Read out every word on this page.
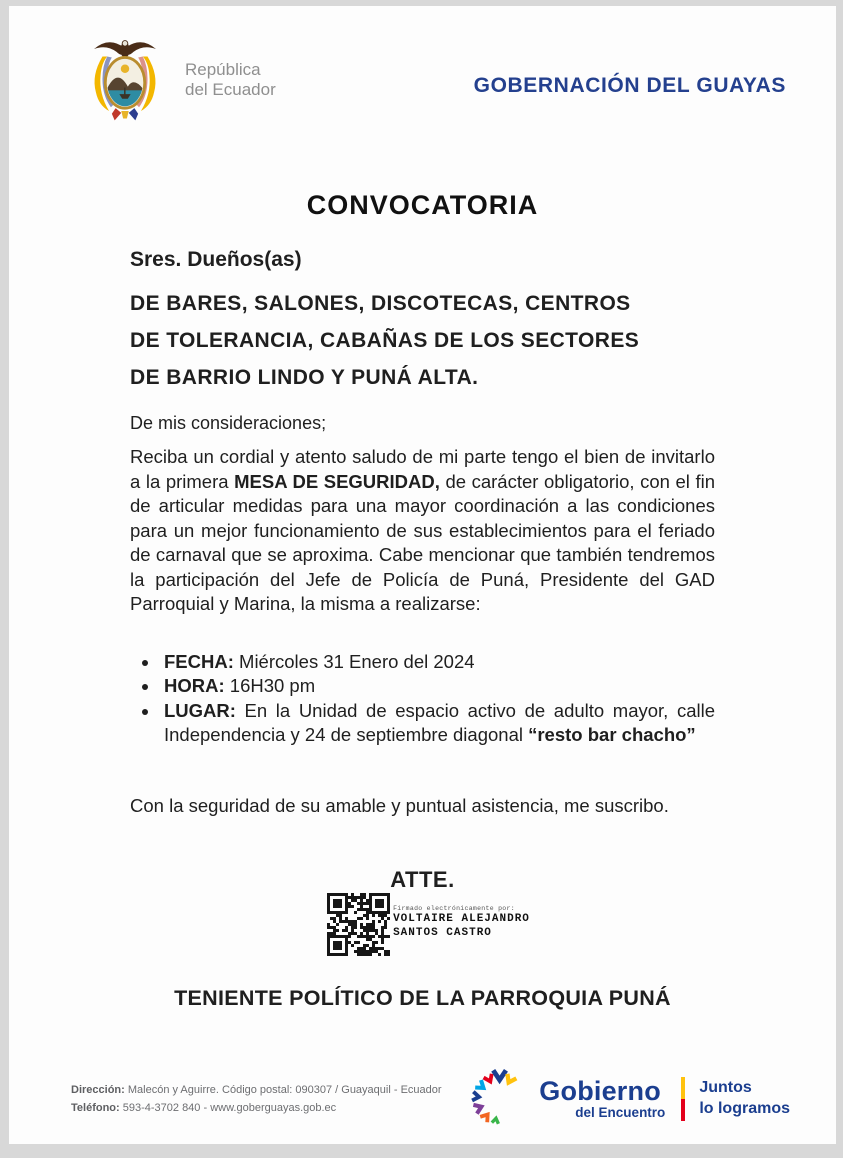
República
del Ecuador	GOBERNACIÓN DEL GUAYAS
CONVOCATORIA

Sres. Dueños(as)

DE BARES, SALONES, DISCOTECAS, CENTROS
DE TOLERANCIA, CABAÑAS DE LOS SECTORES
DE BARRIO LINDO Y PUNÁ ALTA.

De mis consideraciones;

Reciba un cordial y atento saludo de mi parte tengo el bien de invitarlo a la primera MESA DE SEGURIDAD, de carácter obligatorio, con el fin de articular medidas para una mayor coordinación a las condiciones para un mejor funcionamiento de sus establecimientos para el feriado de carnaval que se aproxima. Cabe mencionar que también tendremos la participación del Jefe de Policía de Puná, Presidente del GAD Parroquial y Marina, la misma a realizarse:

• FECHA: Miércoles 31 Enero del 2024
• HORA: 16H30 pm
• LUGAR: En la Unidad de espacio activo de adulto mayor, calle Independencia y 24 de septiembre diagonal “resto bar chacho”

Con la seguridad de su amable y puntual asistencia, me suscribo.

ATTE.

Firmado electrónicamente por:
VOLTAIRE ALEJANDRO
SANTOS CASTRO

TENIENTE POLÍTICO DE LA PARROQUIA PUNÁ

Dirección: Malecón y Aguirre. Código postal: 090307 / Guayaquil - Ecuador
Teléfono: 593-4-3702 840 - www.goberguayas.gob.ec
Gobierno
del Encuentro
Juntos
lo logramos
